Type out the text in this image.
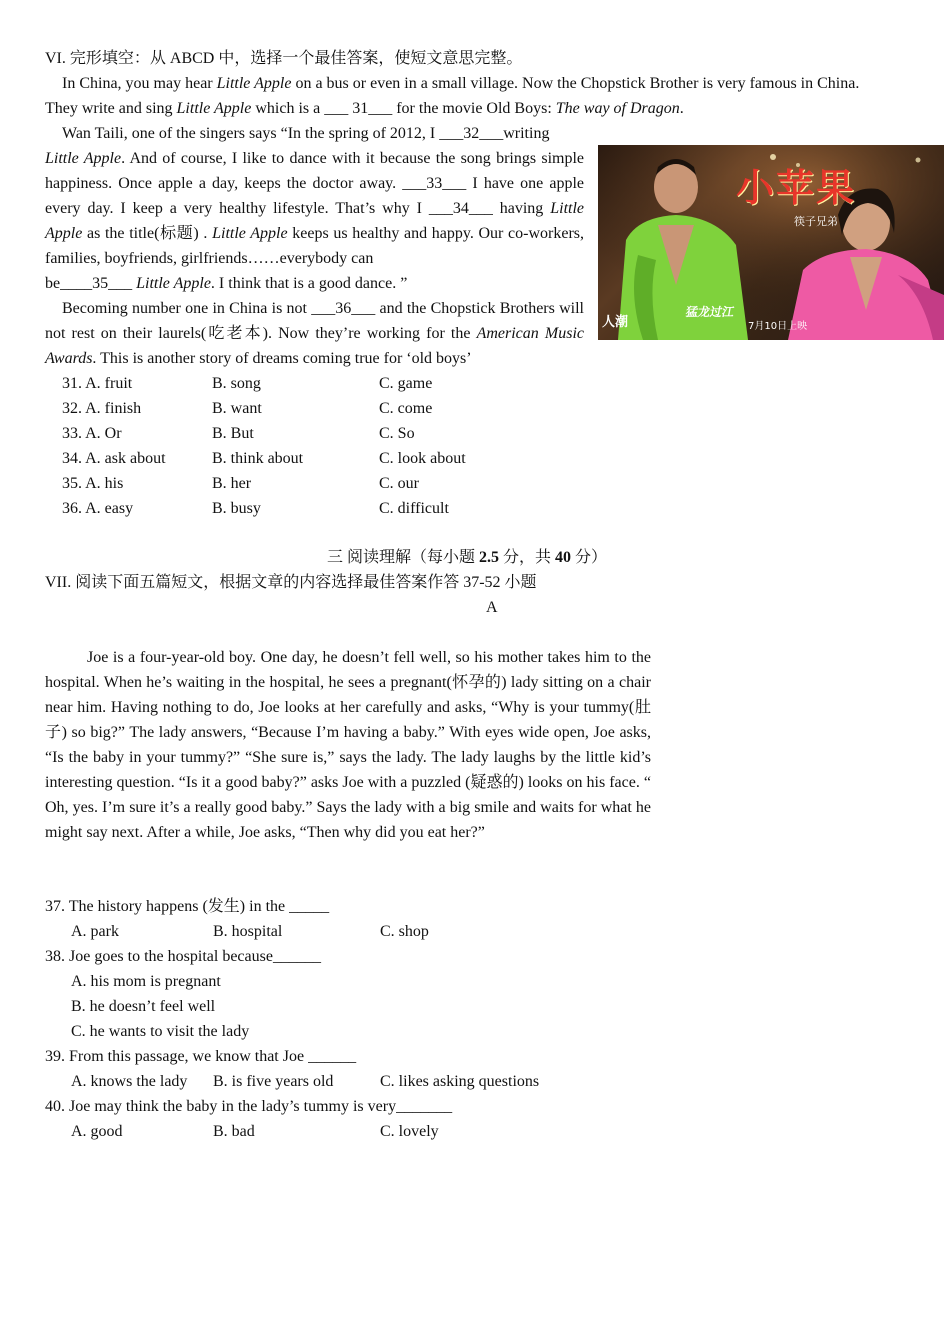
VI. 完形填空：从 ABCD 中，选择一个最佳答案，使短文意思完整。
In China, you may hear Little Apple on a bus or even in a small village. Now the Chopstick Brother is very famous in China.
They write and sing Little Apple which is a ___ 31___ for the movie Old Boys: The way of Dragon.
Wan Taili, one of the singers says “In the spring of 2012, I ___32___writing
Little Apple. And of course, I like to dance with it because the song brings simple happiness. Once apple a day, keeps the doctor away. ___33___ I have one apple every day. I keep a very healthy lifestyle. That’s why I ___34___ having Little Apple as the title(标题) . Little Apple keeps us healthy and happy. Our co-workers, families, boyfriends, girlfriends……everybody can
be____35___ Little Apple. I think that is a good dance. ”
Becoming number one in China is not ___36___ and the Chopstick Brothers will not rest on their laurels(吃老本). Now they’re working for the American Music Awards. This is another story of dreams coming true for ‘old boys’
小苹果
筷子兄弟
人潮
猛龙过江
7月10日上映
31. A. fruit	B. song	C. game
32. A. finish	B. want	C. come
33. A. Or	B. But	C. So
34. A. ask about	B. think about	C. look about
35. A. his	B. her	C. our
36. A. easy	B. busy	C. difficult
三 阅读理解（每小题 2.5 分，共 40 分）
VII. 阅读下面五篇短文，根据文章的内容选择最佳答案作答 37-52 小题
A
Joe is a four-year-old boy. One day, he doesn’t fell well, so his mother takes him to the hospital. When he’s waiting in the hospital, he sees a pregnant(怀孕的) lady sitting on a chair near him. Having nothing to do, Joe looks at her carefully and asks, “Why is your tummy(肚子) so big?” The lady answers, “Because I’m having a baby.” With eyes wide open, Joe asks, “Is the baby in your tummy?” “She sure is,” says the lady. The lady laughs by the little kid’s interesting question. “Is it a good baby?” asks Joe with a puzzled (疑惑的) looks on his face. “ Oh, yes. I’m sure it’s a really good baby.” Says the lady with a big smile and waits for what he might say next. After a while, Joe asks, “Then why did you eat her?”
37. The history happens (发生) in the _____
A. park	B. hospital	C. shop
38. Joe goes to the hospital because______
A. his mom is pregnant
B. he doesn’t feel well
C. he wants to visit the lady
39. From this passage, we know that Joe ______
A. knows the lady B. is five years old	C. likes asking questions
40. Joe may think the baby in the lady’s tummy is very_______
A. good	B. bad	C. lovely
